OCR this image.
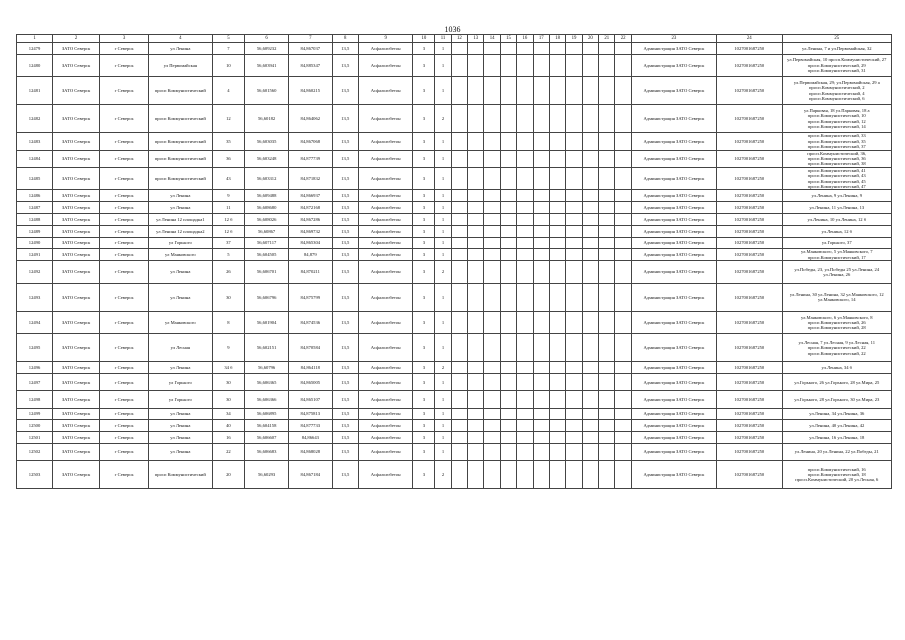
1036
1	2	3	4	5	6	7	8	9	10	11	12	13	14	15	16	17	18	19	20	21	22	23	24	25
12479	ЗАТО Северск	г Северск	ул Ленина	7	56,609232	84,867037	13,5	Асфальтобетон	3	1												Администрация ЗАТО Северск	1027001687250	ул.Ленина, 7 и ул.Первомайская, 32
12480	ЗАТО Северск	г Северск	ул Первомайская	10	56,603941	84,885347	13,5	Асфальтобетон	3	1												Администрация ЗАТО Северск	1027001687250	ул.Первомайская, 10 просп.Коммунистический, 27 просп.Коммунистический, 29 просп.Коммунистический, 31
12481	ЗАТО Северск	г Северск	просп Коммунистический	4	56,601560	84,860215	13,5	Асфальтобетон	3	1												Администрация ЗАТО Северск	1027001687250	ул.Первомайская, 29; ул.Первомайская, 29 а просп.Коммунистический, 2 просп.Коммунистический, 4 просп.Коммунистический, 6
12482	ЗАТО Северск	г Северск	просп Коммунистический	12	56,60182	84,864062	13,5	Асфальтобетон	3	2												Администрация ЗАТО Северск	1027001687250	ул.Парковая, 18 ул.Парковая, 18 а просп.Коммунистический, 10 просп.Коммунистический, 12 просп.Коммунистический, 14
12483	ЗАТО Северск	г Северск	просп Коммунистический	35	56,603035	84,867068	13,5	Асфальтобетон	3	1												Администрация ЗАТО Северск	1027001687250	просп.Коммунистический, 33 просп.Коммунистический, 35 просп.Коммунистический, 37
12484	ЗАТО Северск	г Северск	просп Коммунистический	36	56,603248	84,877739	13,5	Асфальтобетон	3	1												Администрация ЗАТО Северск	1027001687250	просп.Коммунистический, 36, просп.Коммунистический, 36 просп.Коммунистический, 38
12485	ЗАТО Северск	г Северск	просп Коммунистический	43	56,603312	84,871832	13,5	Асфальтобетон	3	1												Администрация ЗАТО Северск	1027001687250	просп.Коммунистический, 41 просп.Коммунистический, 43 просп.Коммунистический, 45 просп.Коммунистический, 47
12486	ЗАТО Северск	г Северск	ул Ленина	9	56,609488	84,866937	13,5	Асфальтобетон	3	1												Администрация ЗАТО Северск	1027001687250	ул.Ленина, 9 ул.Ленина, 9
12487	ЗАТО Северск	г Северск	ул Ленина	11	56,608680	84,872168	13,5	Асфальтобетон	3	1												Администрация ЗАТО Северск	1027001687250	ул.Ленина, 11 ул.Ленина, 13
12488	ЗАТО Северск	г Северск	ул Ленина 12 площадка1	12 б	56,608026	84,867286	13,5	Асфальтобетон	3	1												Администрация ЗАТО Северск	1027001687250	ул.Ленина, 10 ул.Ленина, 12 б
12489	ЗАТО Северск	г Северск	ул Ленина 12 площадка2	12 б	56,60867	84,869732	13,5	Асфальтобетон	3	1												Администрация ЗАТО Северск	1027001687250	ул.Ленина, 12 б
12490	ЗАТО Северск	г Северск	ул Горького	37	56,607117	84,865304	13,5	Асфальтобетон	3	1												Администрация ЗАТО Северск	1027001687250	ул.Горького, 37
12491	ЗАТО Северск	г Северск	ул Маяковского	5	56,604505	84,879	13,5	Асфальтобетон	3	1												Администрация ЗАТО Северск	1027001687250	ул.Маяковского, 5 ул.Маяковского, 7 просп.Коммунистический, 17
12492	ЗАТО Северск	г Северск	ул Ленина	26	56,606701	84,870211	13,5	Асфальтобетон	3	2												Администрация ЗАТО Северск	1027001687250	ул.Победы, 23, ул.Победы 25 ул.Ленина, 24 ул.Ленина, 26
12493	ЗАТО Северск	г Северск	ул Ленина	30	56,606796	84,875799	13,5	Асфальтобетон	3	1												Администрация ЗАТО Северск	1027001687250	ул.Ленина, 30 ул.Ленина, 32 ул.Маяковского, 12 ул.Маяковского, 14
12494	ЗАТО Северск	г Северск	ул Маяковского	8	56,601904	84,874536	13,5	Асфальтобетон	3	1												Администрация ЗАТО Северск	1027001687250	ул.Маяковского, 6 ул.Маяковского, 8 просп.Коммунистический, 26 просп.Коммунистический, 28
12495	ЗАТО Северск	г Северск	ул Лесная	9	56,602151	84,870584	13,5	Асфальтобетон	3	1												Администрация ЗАТО Северск	1027001687250	ул.Лесная, 7 ул.Лесная, 9 ул.Лесная, 11 просп.Коммунистический, 22 просп.Коммунистический, 22
12496	ЗАТО Северск	г Северск	ул Ленина	34 б	56,60796	84,864118	13,5	Асфальтобетон	3	2												Администрация ЗАТО Северск	1027001687250	ул.Ленина, 34 б
12497	ЗАТО Северск	г Северск	ул Горького	30	56,606365	84,865005	13,5	Асфальтобетон	3	1												Администрация ЗАТО Северск	1027001687250	ул.Горького, 26 ул.Горького, 28 ул.Мира, 25
12498	ЗАТО Северск	г Северск	ул Горького	30	56,606366	84,865107	13,5	Асфальтобетон	3	1												Администрация ЗАТО Северск	1027001687250	ул.Горького, 28 ул.Горького, 30 ул.Мира, 23
12499	ЗАТО Северск	г Северск	ул Ленина	34	56,606895	84,875813	13,5	Асфальтобетон	3	1												Администрация ЗАТО Северск	1027001687250	ул.Ленина, 34 ул.Ленина, 36
12500	ЗАТО Северск	г Северск	ул Ленина	40	56,604158	84,877733	13,5	Асфальтобетон	3	1												Администрация ЗАТО Северск	1027001687250	ул.Ленина, 40 ул.Ленина, 42
12501	ЗАТО Северск	г Северск	ул Ленина	16	56,606607	84,86643	13,5	Асфальтобетон	3	1												Администрация ЗАТО Северск	1027001687250	ул.Ленина, 16 ул.Ленина, 18
12502	ЗАТО Северск	г Северск	ул Ленина	22	56,606683	84,868028	13,5	Асфальтобетон	3	1												Администрация ЗАТО Северск	1027001687250	ул.Ленина, 20 ул.Ленина, 22 ул.Победы, 21
12503	ЗАТО Северск	г Северск	просп Коммунистический	20	56,60293	84,867184	13,5	Асфальтобетон	3	2												Администрация ЗАТО Северск	1027001687250	просп.Коммунистический, 16 просп.Коммунистический, 18 просп.Коммунистический, 20 ул.Лесная, 6
